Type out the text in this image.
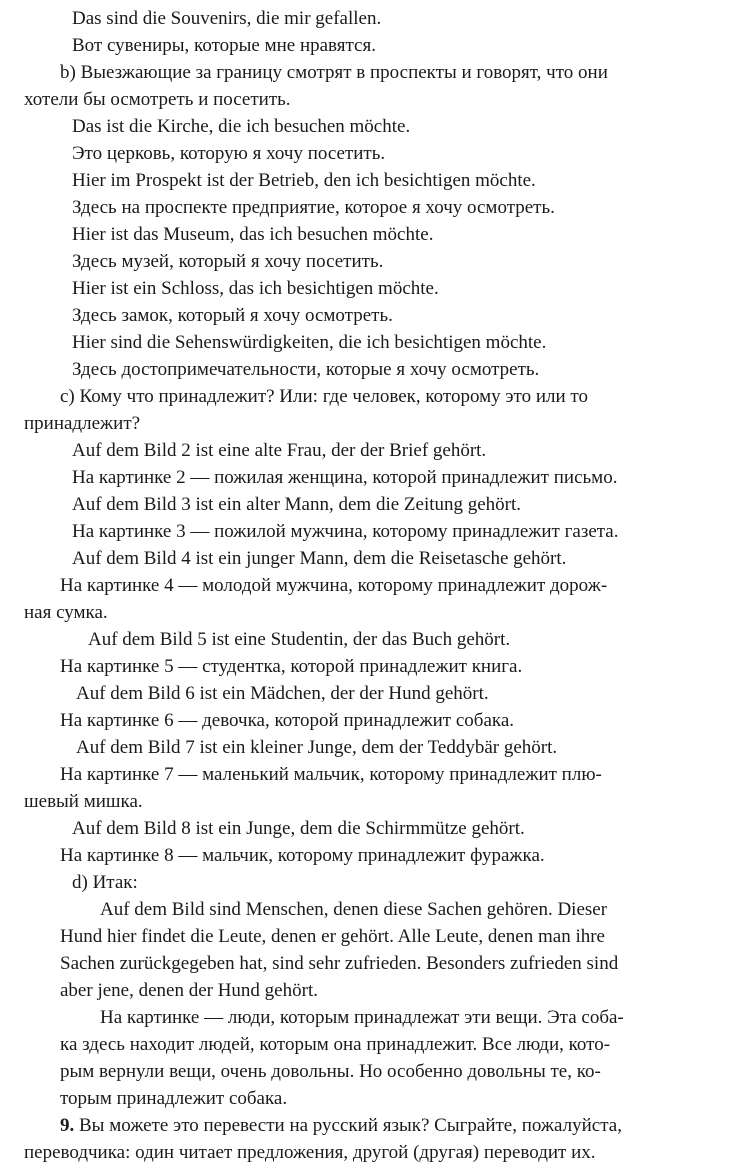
Das sind die Souvenirs, die mir gefallen.
Вот сувениры, которые мне нравятся.
b) Выезжающие за границу смотрят в проспекты и говорят, что они
хотели бы осмотреть и посетить.
Das ist die Kirche, die ich besuchen möchte.
Это церковь, которую я хочу посетить.
Hier im Prospekt ist der Betrieb, den ich besichtigen möchte.
Здесь на проспекте предприятие, которое я хочу осмотреть.
Hier ist das Museum, das ich besuchen möchte.
Здесь музей, который я хочу посетить.
Hier ist ein Schloss, das ich besichtigen möchte.
Здесь замок, который я хочу осмотреть.
Hier sind die Sehenswürdigkeiten, die ich besichtigen möchte.
Здесь достопримечательности, которые я хочу осмотреть.
c) Кому что принадлежит? Или: где человек, которому это или то
принадлежит?
Auf dem Bild 2 ist eine alte Frau, der der Brief gehört.
На картинке 2 — пожилая женщина, которой принадлежит письмо.
Auf dem Bild 3 ist ein alter Mann, dem die Zeitung gehört.
На картинке 3 — пожилой мужчина, которому принадлежит газета.
Auf dem Bild 4 ist ein junger Mann, dem die Reisetasche gehört.
На картинке 4 — молодой мужчина, которому принадлежит дорож-
ная сумка.
Auf dem Bild 5 ist eine Studentin, der das Buch gehört.
На картинке 5 — студентка, которой принадлежит книга.
Auf dem Bild 6 ist ein Mädchen, der der Hund gehört.
На картинке 6 — девочка, которой принадлежит собака.
Auf dem Bild 7 ist ein kleiner Junge, dem der Teddybär gehört.
На картинке 7 — маленький мальчик, которому принадлежит плю-
шевый мишка.
Auf dem Bild 8 ist ein Junge, dem die Schirmmütze gehört.
На картинке 8 — мальчик, которому принадлежит фуражка.
d) Итак:
Auf dem Bild sind Menschen, denen diese Sachen gehören. Dieser
Hund hier findet die Leute, denen er gehört. Alle Leute, denen man ihre
Sachen zurückgegeben hat, sind sehr zufrieden. Besonders zufrieden sind
aber jene, denen der Hund gehört.
На картинке — люди, которым принадлежат эти вещи. Эта соба-
ка здесь находит людей, которым она принадлежит. Все люди, кото-
рым вернули вещи, очень довольны. Но особенно довольны те, ко-
торым принадлежит собака.
9. Вы можете это перевести на русский язык? Сыграйте, пожалуйста,
переводчика: один читает предложения, другой (другая) переводит их.
